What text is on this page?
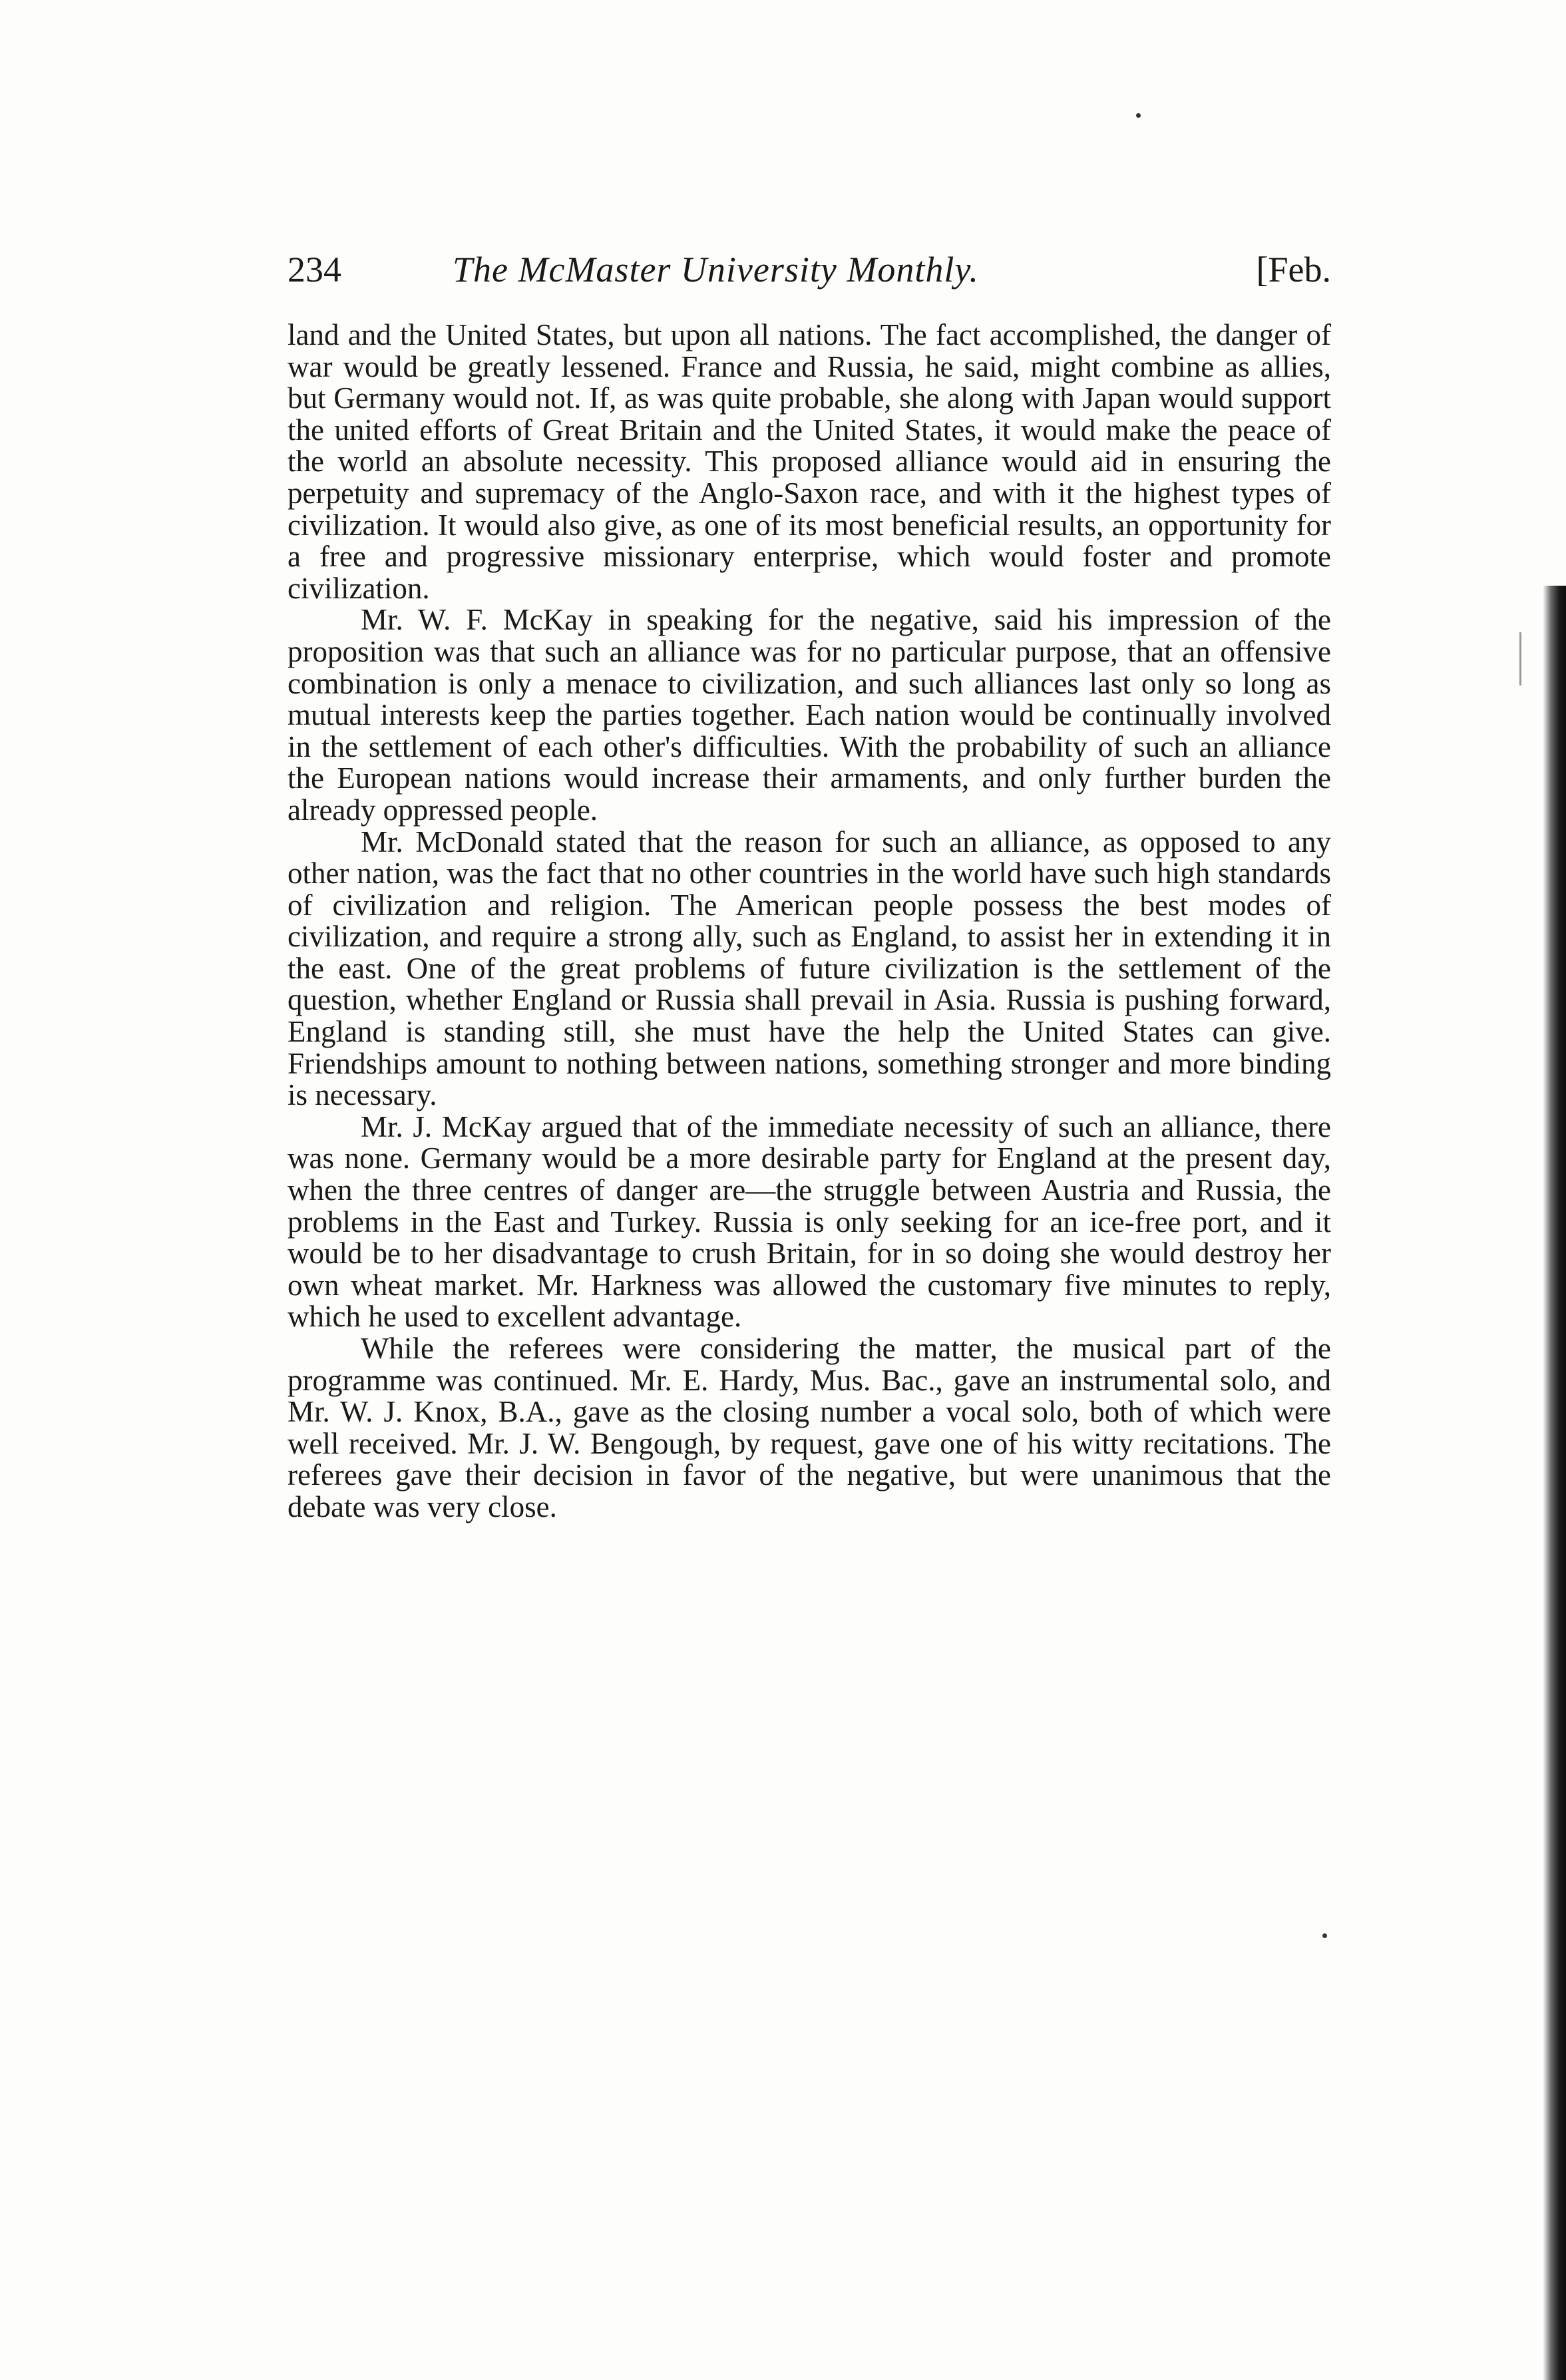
234	The McMaster University Monthly.	[Feb.

land and the United States, but upon all nations. The fact accomplished, the danger of war would be greatly lessened. France and Russia, he said, might combine as allies, but Germany would not. If, as was quite probable, she along with Japan would support the united efforts of Great Britain and the United States, it would make the peace of the world an absolute necessity. This proposed alliance would aid in ensuring the perpetuity and supremacy of the Anglo-Saxon race, and with it the highest types of civilization. It would also give, as one of its most beneficial results, an opportunity for a free and progressive missionary enterprise, which would foster and promote civilization.

Mr. W. F. McKay in speaking for the negative, said his impression of the proposition was that such an alliance was for no particular purpose, that an offensive combination is only a menace to civilization, and such alliances last only so long as mutual interests keep the parties together. Each nation would be continually involved in the settlement of each other's difficulties. With the probability of such an alliance the European nations would increase their armaments, and only further burden the already oppressed people.

Mr. McDonald stated that the reason for such an alliance, as opposed to any other nation, was the fact that no other countries in the world have such high standards of civilization and religion. The American people possess the best modes of civilization, and require a strong ally, such as England, to assist her in extending it in the east. One of the great problems of future civilization is the settlement of the question, whether England or Russia shall prevail in Asia. Russia is pushing forward, England is standing still, she must have the help the United States can give. Friendships amount to nothing between nations, something stronger and more binding is necessary.

Mr. J. McKay argued that of the immediate necessity of such an alliance, there was none. Germany would be a more desirable party for England at the present day, when the three centres of danger are—the struggle between Austria and Russia, the problems in the East and Turkey. Russia is only seeking for an ice-free port, and it would be to her disadvantage to crush Britain, for in so doing she would destroy her own wheat market. Mr. Harkness was allowed the customary five minutes to reply, which he used to excellent advantage.

While the referees were considering the matter, the musical part of the programme was continued. Mr. E. Hardy, Mus. Bac., gave an instrumental solo, and Mr. W. J. Knox, B.A., gave as the closing number a vocal solo, both of which were well received. Mr. J. W. Bengough, by request, gave one of his witty recitations. The referees gave their decision in favor of the negative, but were unanimous that the debate was very close.
